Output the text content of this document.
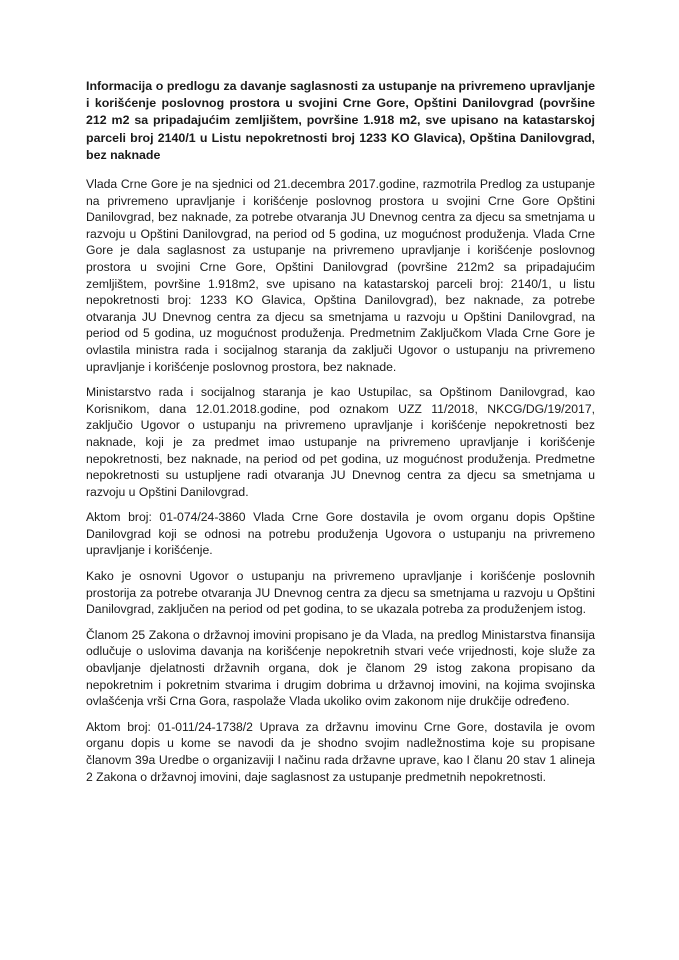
Informacija o predlogu za davanje saglasnosti za ustupanje na privremeno upravljanje i korišćenje poslovnog prostora u svojini Crne Gore, Opštini Danilovgrad (površine 212 m2 sa pripadajućim zemljištem, površine 1.918 m2, sve upisano na katastarskoj parceli broj 2140/1 u Listu nepokretnosti broj 1233 KO Glavica), Opština Danilovgrad, bez naknade

Vlada Crne Gore je na sjednici od 21.decembra 2017.godine, razmotrila Predlog za ustupanje na privremeno upravljanje i korišćenje poslovnog prostora u svojini Crne Gore Opštini Danilovgrad, bez naknade, za potrebe otvaranja JU Dnevnog centra za djecu sa smetnjama u razvoju u Opštini Danilovgrad, na period od 5 godina, uz mogućnost produženja. Vlada Crne Gore je dala saglasnost za ustupanje na privremeno upravljanje i korišćenje poslovnog prostora u svojini Crne Gore, Opštini Danilovgrad (površine 212m2 sa pripadajućim zemljištem, površine 1.918m2, sve upisano na katastarskoj parceli broj: 2140/1, u listu nepokretnosti broj: 1233 KO Glavica, Opština Danilovgrad), bez naknade, za potrebe otvaranja JU Dnevnog centra za djecu sa smetnjama u razvoju u Opštini Danilovgrad, na period od 5 godina, uz mogućnost produženja. Predmetnim Zaključkom Vlada Crne Gore je ovlastila ministra rada i socijalnog staranja da zaključi Ugovor o ustupanju na privremeno upravljanje i korišćenje poslovnog prostora, bez naknade.

Ministarstvo rada i socijalnog staranja je kao Ustupilac, sa Opštinom Danilovgrad, kao Korisnikom, dana 12.01.2018.godine, pod oznakom UZZ 11/2018, NKCG/DG/19/2017, zaključio Ugovor o ustupanju na privremeno upravljanje i korišćenje nepokretnosti bez naknade, koji je za predmet imao ustupanje na privremeno upravljanje i korišćenje nepokretnosti, bez naknade, na period od pet godina, uz mogućnost produženja. Predmetne nepokretnosti su ustupljene radi otvaranja JU Dnevnog centra za djecu sa smetnjama u razvoju u Opštini Danilovgrad.

Aktom broj: 01-074/24-3860 Vlada Crne Gore dostavila je ovom organu dopis Opštine Danilovgrad koji se odnosi na potrebu produženja Ugovora o ustupanju na privremeno upravljanje i korišćenje.

Kako je osnovni Ugovor o ustupanju na privremeno upravljanje i korišćenje poslovnih prostorija za potrebe otvaranja JU Dnevnog centra za djecu sa smetnjama u razvoju u Opštini Danilovgrad, zaključen na period od pet godina, to se ukazala potreba za produženjem istog.

Članom 25 Zakona o državnoj imovini propisano je da Vlada, na predlog Ministarstva finansija odlučuje o uslovima davanja na korišćenje nepokretnih stvari veće vrijednosti, koje služe za obavljanje djelatnosti državnih organa, dok je članom 29 istog zakona propisano da nepokretnim i pokretnim stvarima i drugim dobrima u državnoj imovini, na kojima svojinska ovlašćenja vrši Crna Gora, raspolaže Vlada ukoliko ovim zakonom nije drukčije određeno.

Aktom broj: 01-011/24-1738/2 Uprava za državnu imovinu Crne Gore, dostavila je ovom organu dopis u kome se navodi da je shodno svojim nadležnostima koje su propisane članovm 39a Uredbe o organizaviji I načinu rada državne uprave, kao I članu 20 stav 1 alineja 2 Zakona o državnoj imovini, daje saglasnost za ustupanje predmetnih nepokretnosti.
